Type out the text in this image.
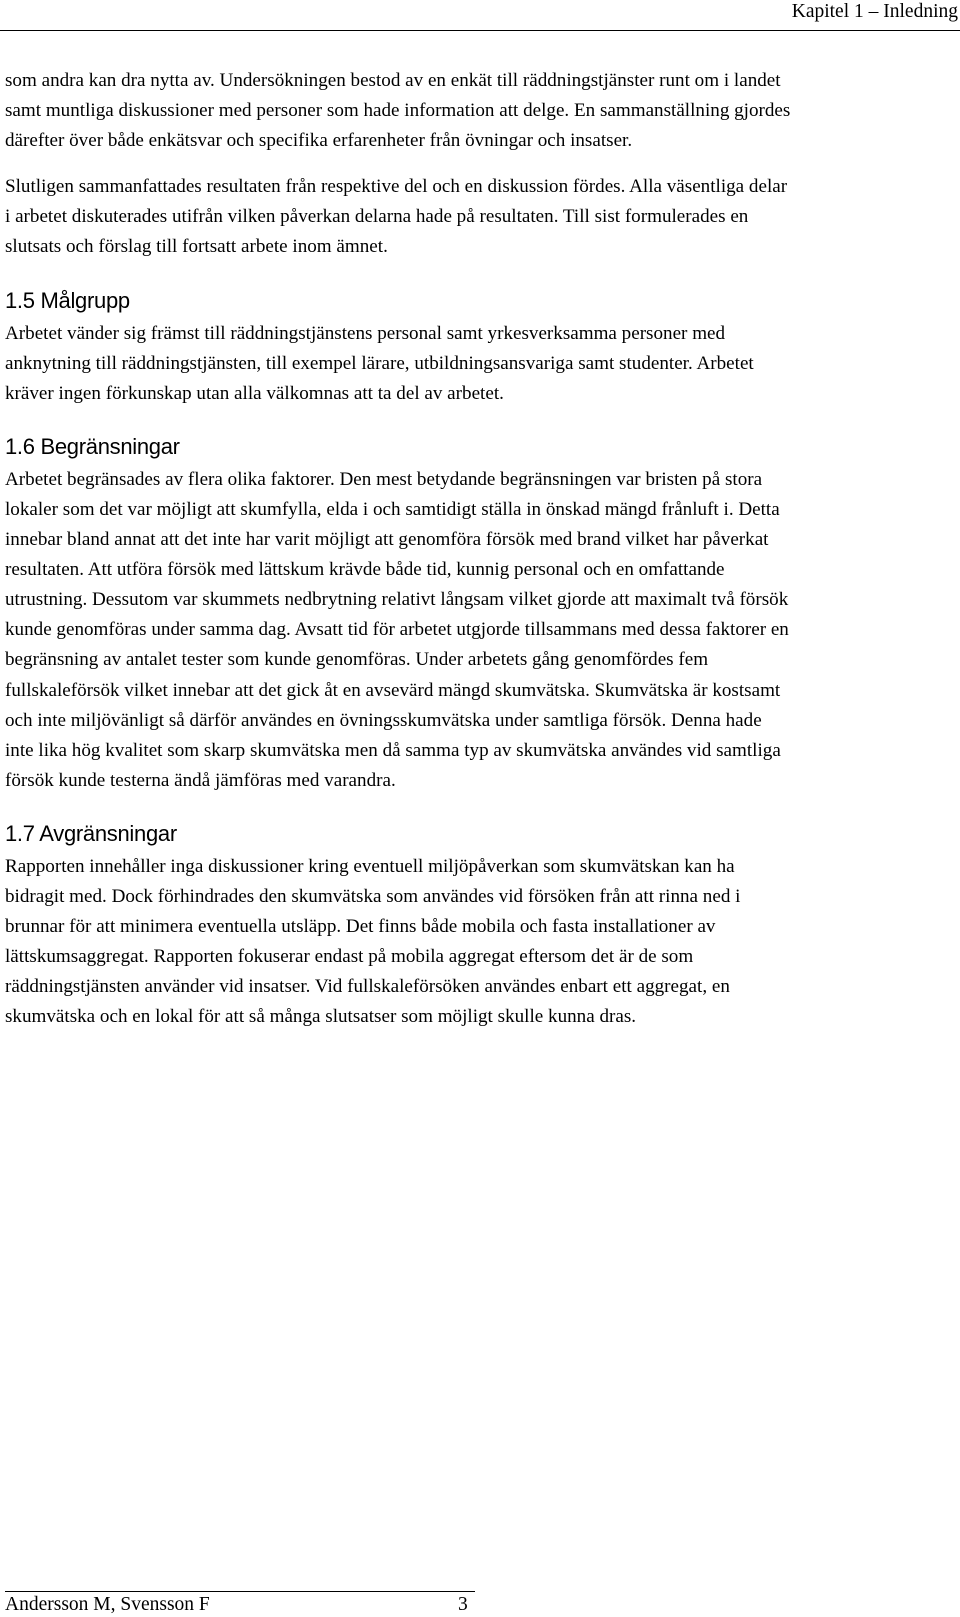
Kapitel 1 – Inledning

som andra kan dra nytta av. Undersökningen bestod av en enkät till räddningstjänster runt om i landet
samt muntliga diskussioner med personer som hade information att delge. En sammanställning gjordes
därefter över både enkätsvar och specifika erfarenheter från övningar och insatser.

Slutligen sammanfattades resultaten från respektive del och en diskussion fördes. Alla väsentliga delar
i arbetet diskuterades utifrån vilken påverkan delarna hade på resultaten. Till sist formulerades en
slutsats och förslag till fortsatt arbete inom ämnet.

1.5 Målgrupp

Arbetet vänder sig främst till räddningstjänstens personal samt yrkesverksamma personer med
anknytning till räddningstjänsten, till exempel lärare, utbildningsansvariga samt studenter. Arbetet
kräver ingen förkunskap utan alla välkomnas att ta del av arbetet.

1.6 Begränsningar

Arbetet begränsades av flera olika faktorer. Den mest betydande begränsningen var bristen på stora
lokaler som det var möjligt att skumfylla, elda i och samtidigt ställa in önskad mängd frånluft i. Detta
innebar bland annat att det inte har varit möjligt att genomföra försök med brand vilket har påverkat
resultaten. Att utföra försök med lättskum krävde både tid, kunnig personal och en omfattande
utrustning. Dessutom var skummets nedbrytning relativt långsam vilket gjorde att maximalt två försök
kunde genomföras under samma dag. Avsatt tid för arbetet utgjorde tillsammans med dessa faktorer en
begränsning av antalet tester som kunde genomföras. Under arbetets gång genomfördes fem
fullskaleförsök vilket innebar att det gick åt en avsevärd mängd skumvätska. Skumvätska är kostsamt
och inte miljövänligt så därför användes en övningsskumvätska under samtliga försök. Denna hade
inte lika hög kvalitet som skarp skumvätska men då samma typ av skumvätska användes vid samtliga
försök kunde testerna ändå jämföras med varandra.

1.7 Avgränsningar

Rapporten innehåller inga diskussioner kring eventuell miljöpåverkan som skumvätskan kan ha
bidragit med. Dock förhindrades den skumvätska som användes vid försöken från att rinna ned i
brunnar för att minimera eventuella utsläpp. Det finns både mobila och fasta installationer av
lättskumsaggregat. Rapporten fokuserar endast på mobila aggregat eftersom det är de som
räddningstjänsten använder vid insatser. Vid fullskaleförsöken användes enbart ett aggregat, en
skumvätska och en lokal för att så många slutsatser som möjligt skulle kunna dras.

Andersson M, Svensson F	3
